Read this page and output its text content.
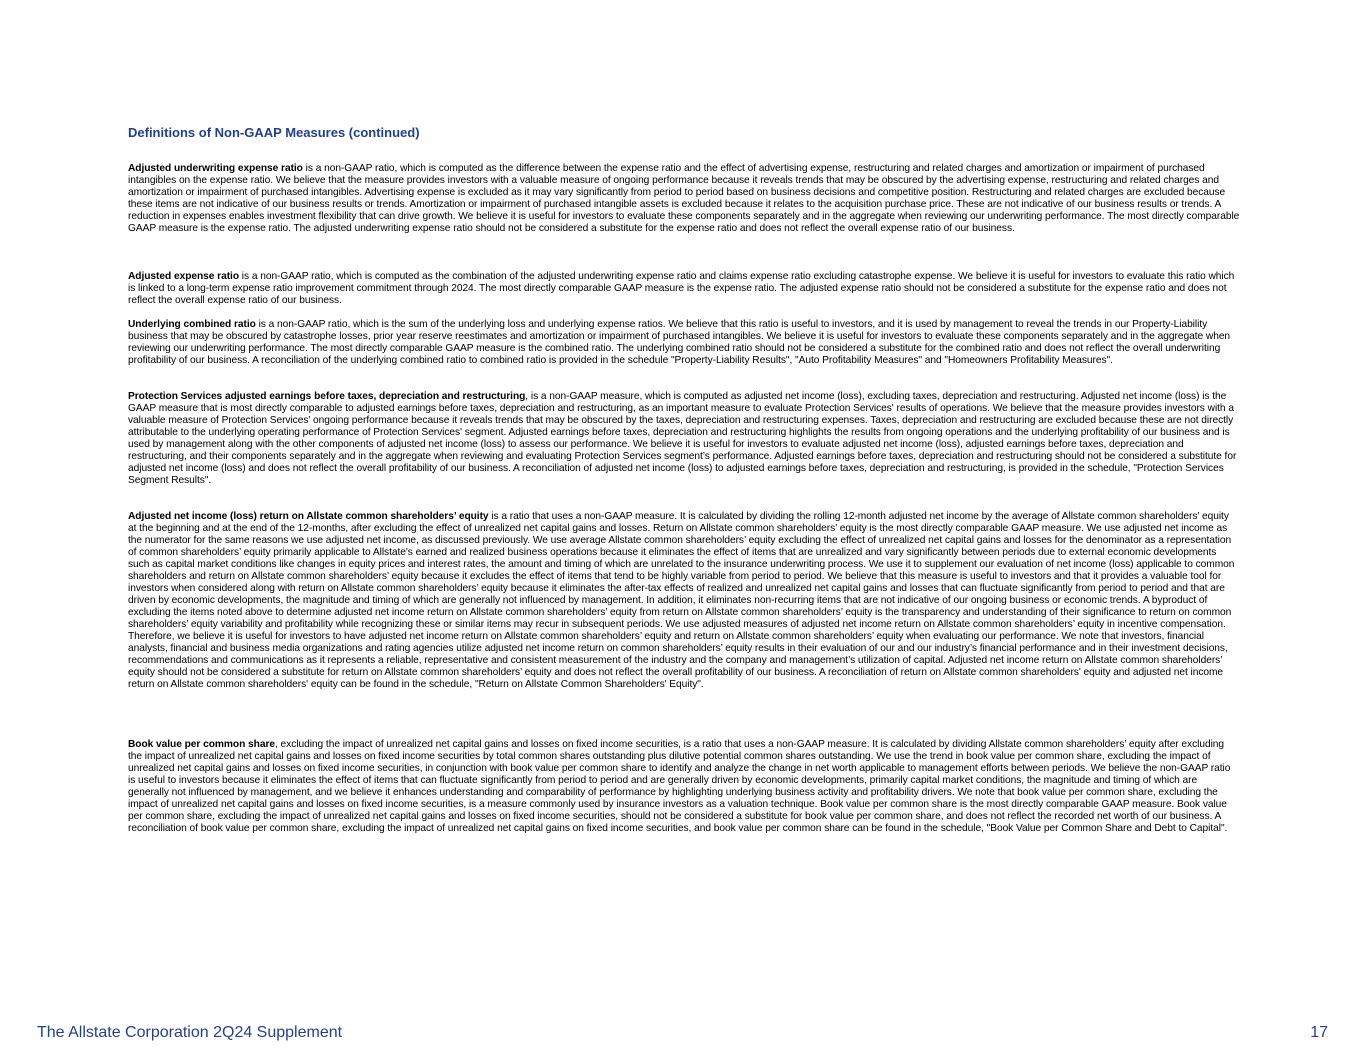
Definitions of Non-GAAP Measures (continued)

Adjusted underwriting expense ratio is a non-GAAP ratio, which is computed as the difference between the expense ratio and the effect of advertising expense, restructuring and related charges and amortization or impairment of purchased intangibles on the expense ratio. We believe that the measure provides investors with a valuable measure of ongoing performance because it reveals trends that may be obscured by the advertising expense, restructuring and related charges and amortization or impairment of purchased intangibles. Advertising expense is excluded as it may vary significantly from period to period based on business decisions and competitive position. Restructuring and related charges are excluded because these items are not indicative of our business results or trends. Amortization or impairment of purchased intangible assets is excluded because it relates to the acquisition purchase price. These are not indicative of our business results or trends. A reduction in expenses enables investment flexibility that can drive growth. We believe it is useful for investors to evaluate these components separately and in the aggregate when reviewing our underwriting performance. The most directly comparable GAAP measure is the expense ratio. The adjusted underwriting expense ratio should not be considered a substitute for the expense ratio and does not reflect the overall expense ratio of our business.

Adjusted expense ratio is a non-GAAP ratio, which is computed as the combination of the adjusted underwriting expense ratio and claims expense ratio excluding catastrophe expense. We believe it is useful for investors to evaluate this ratio which is linked to a long-term expense ratio improvement commitment through 2024. The most directly comparable GAAP measure is the expense ratio. The adjusted expense ratio should not be considered a substitute for the expense ratio and does not reflect the overall expense ratio of our business.

Underlying combined ratio is a non-GAAP ratio, which is the sum of the underlying loss and underlying expense ratios. We believe that this ratio is useful to investors, and it is used by management to reveal the trends in our Property-Liability business that may be obscured by catastrophe losses, prior year reserve reestimates and amortization or impairment of purchased intangibles. We believe it is useful for investors to evaluate these components separately and in the aggregate when reviewing our underwriting performance. The most directly comparable GAAP measure is the combined ratio. The underlying combined ratio should not be considered a substitute for the combined ratio and does not reflect the overall underwriting profitability of our business. A reconciliation of the underlying combined ratio to combined ratio is provided in the schedule "Property-Liability Results", "Auto Profitability Measures" and "Homeowners Profitability Measures".

Protection Services adjusted earnings before taxes, depreciation and restructuring, is a non-GAAP measure, which is computed as adjusted net income (loss), excluding taxes, depreciation and restructuring. Adjusted net income (loss) is the GAAP measure that is most directly comparable to adjusted earnings before taxes, depreciation and restructuring, as an important measure to evaluate Protection Services' results of operations. We believe that the measure provides investors with a valuable measure of Protection Services' ongoing performance because it reveals trends that may be obscured by the taxes, depreciation and restructuring expenses. Taxes, depreciation and restructuring are excluded because these are not directly attributable to the underlying operating performance of Protection Services' segment. Adjusted earnings before taxes, depreciation and restructuring highlights the results from ongoing operations and the underlying profitability of our business and is used by management along with the other components of adjusted net income (loss) to assess our performance. We believe it is useful for investors to evaluate adjusted net income (loss), adjusted earnings before taxes, depreciation and restructuring, and their components separately and in the aggregate when reviewing and evaluating Protection Services segment’s performance. Adjusted earnings before taxes, depreciation and restructuring should not be considered a substitute for adjusted net income (loss) and does not reflect the overall profitability of our business. A reconciliation of adjusted net income (loss) to adjusted earnings before taxes, depreciation and restructuring, is provided in the schedule, "Protection Services Segment Results".

Adjusted net income (loss) return on Allstate common shareholders’ equity is a ratio that uses a non-GAAP measure. It is calculated by dividing the rolling 12-month adjusted net income by the average of Allstate common shareholders’ equity at the beginning and at the end of the 12-months, after excluding the effect of unrealized net capital gains and losses. Return on Allstate common shareholders’ equity is the most directly comparable GAAP measure. We use adjusted net income as the numerator for the same reasons we use adjusted net income, as discussed previously. We use average Allstate common shareholders’ equity excluding the effect of unrealized net capital gains and losses for the denominator as a representation of common shareholders’ equity primarily applicable to Allstate's earned and realized business operations because it eliminates the effect of items that are unrealized and vary significantly between periods due to external economic developments such as capital market conditions like changes in equity prices and interest rates, the amount and timing of which are unrelated to the insurance underwriting process. We use it to supplement our evaluation of net income (loss) applicable to common shareholders and return on Allstate common shareholders’ equity because it excludes the effect of items that tend to be highly variable from period to period. We believe that this measure is useful to investors and that it provides a valuable tool for investors when considered along with return on Allstate common shareholders’ equity because it eliminates the after-tax effects of realized and unrealized net capital gains and losses that can fluctuate significantly from period to period and that are driven by economic developments, the magnitude and timing of which are generally not influenced by management. In addition, it eliminates non-recurring items that are not indicative of our ongoing business or economic trends. A byproduct of excluding the items noted above to determine adjusted net income return on Allstate common shareholders’ equity from return on Allstate common shareholders’ equity is the transparency and understanding of their significance to return on common shareholders’ equity variability and profitability while recognizing these or similar items may recur in subsequent periods. We use adjusted measures of adjusted net income return on Allstate common shareholders’ equity in incentive compensation. Therefore, we believe it is useful for investors to have adjusted net income return on Allstate common shareholders’ equity and return on Allstate common shareholders’ equity when evaluating our performance. We note that investors, financial analysts, financial and business media organizations and rating agencies utilize adjusted net income return on common shareholders’ equity results in their evaluation of our and our industry’s financial performance and in their investment decisions, recommendations and communications as it represents a reliable, representative and consistent measurement of the industry and the company and management’s utilization of capital. Adjusted net income return on Allstate common shareholders’ equity should not be considered a substitute for return on Allstate common shareholders’ equity and does not reflect the overall profitability of our business. A reconciliation of return on Allstate common shareholders' equity and adjusted net income return on Allstate common shareholders' equity can be found in the schedule, "Return on Allstate Common Shareholders' Equity".

Book value per common share, excluding the impact of unrealized net capital gains and losses on fixed income securities, is a ratio that uses a non-GAAP measure. It is calculated by dividing Allstate common shareholders’ equity after excluding the impact of unrealized net capital gains and losses on fixed income securities by total common shares outstanding plus dilutive potential common shares outstanding. We use the trend in book value per common share, excluding the impact of unrealized net capital gains and losses on fixed income securities, in conjunction with book value per common share to identify and analyze the change in net worth applicable to management efforts between periods. We believe the non-GAAP ratio is useful to investors because it eliminates the effect of items that can fluctuate significantly from period to period and are generally driven by economic developments, primarily capital market conditions, the magnitude and timing of which are generally not influenced by management, and we believe it enhances understanding and comparability of performance by highlighting underlying business activity and profitability drivers. We note that book value per common share, excluding the impact of unrealized net capital gains and losses on fixed income securities, is a measure commonly used by insurance investors as a valuation technique. Book value per common share is the most directly comparable GAAP measure. Book value per common share, excluding the impact of unrealized net capital gains and losses on fixed income securities, should not be considered a substitute for book value per common share, and does not reflect the recorded net worth of our business. A reconciliation of book value per common share, excluding the impact of unrealized net capital gains on fixed income securities, and book value per common share can be found in the schedule, "Book Value per Common Share and Debt to Capital".

The Allstate Corporation 2Q24 Supplement	17
